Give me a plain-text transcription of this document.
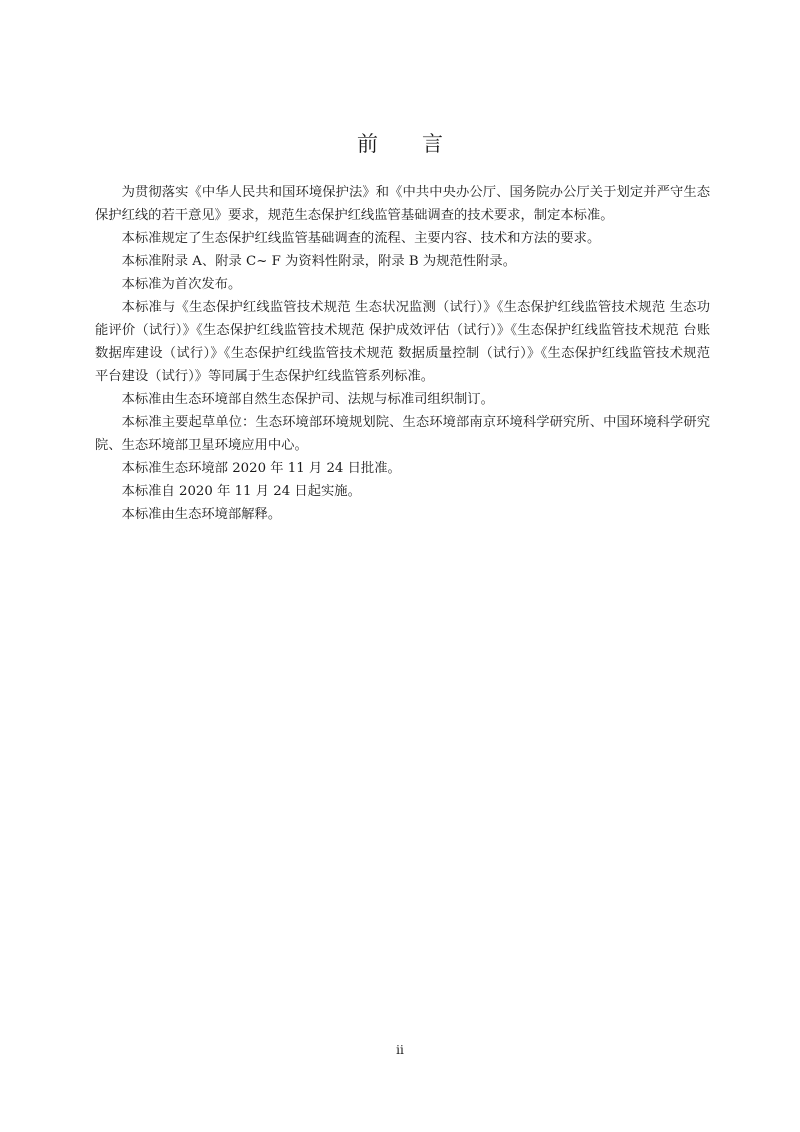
前言

为贯彻落实《中华人民共和国环境保护法》和《中共中央办公厅、国务院办公厅关于划定并严守生态保护红线的若干意见》要求，规范生态保护红线监管基础调查的技术要求，制定本标准。

本标准规定了生态保护红线监管基础调查的流程、主要内容、技术和方法的要求。

本标准附录 A、附录 C~ F 为资料性附录，附录 B 为规范性附录。

本标准为首次发布。

本标准与《生态保护红线监管技术规范 生态状况监测（试行）》《生态保护红线监管技术规范 生态功能评价（试行）》《生态保护红线监管技术规范 保护成效评估（试行）》《生态保护红线监管技术规范 台账数据库建设（试行）》《生态保护红线监管技术规范 数据质量控制（试行）》《生态保护红线监管技术规范 平台建设（试行）》等同属于生态保护红线监管系列标准。

本标准由生态环境部自然生态保护司、法规与标准司组织制订。

本标准主要起草单位：生态环境部环境规划院、生态环境部南京环境科学研究所、中国环境科学研究院、生态环境部卫星环境应用中心。

本标准生态环境部 2020 年 11 月 24 日批准。

本标准自 2020 年 11 月 24 日起实施。

本标准由生态环境部解释。

ii
